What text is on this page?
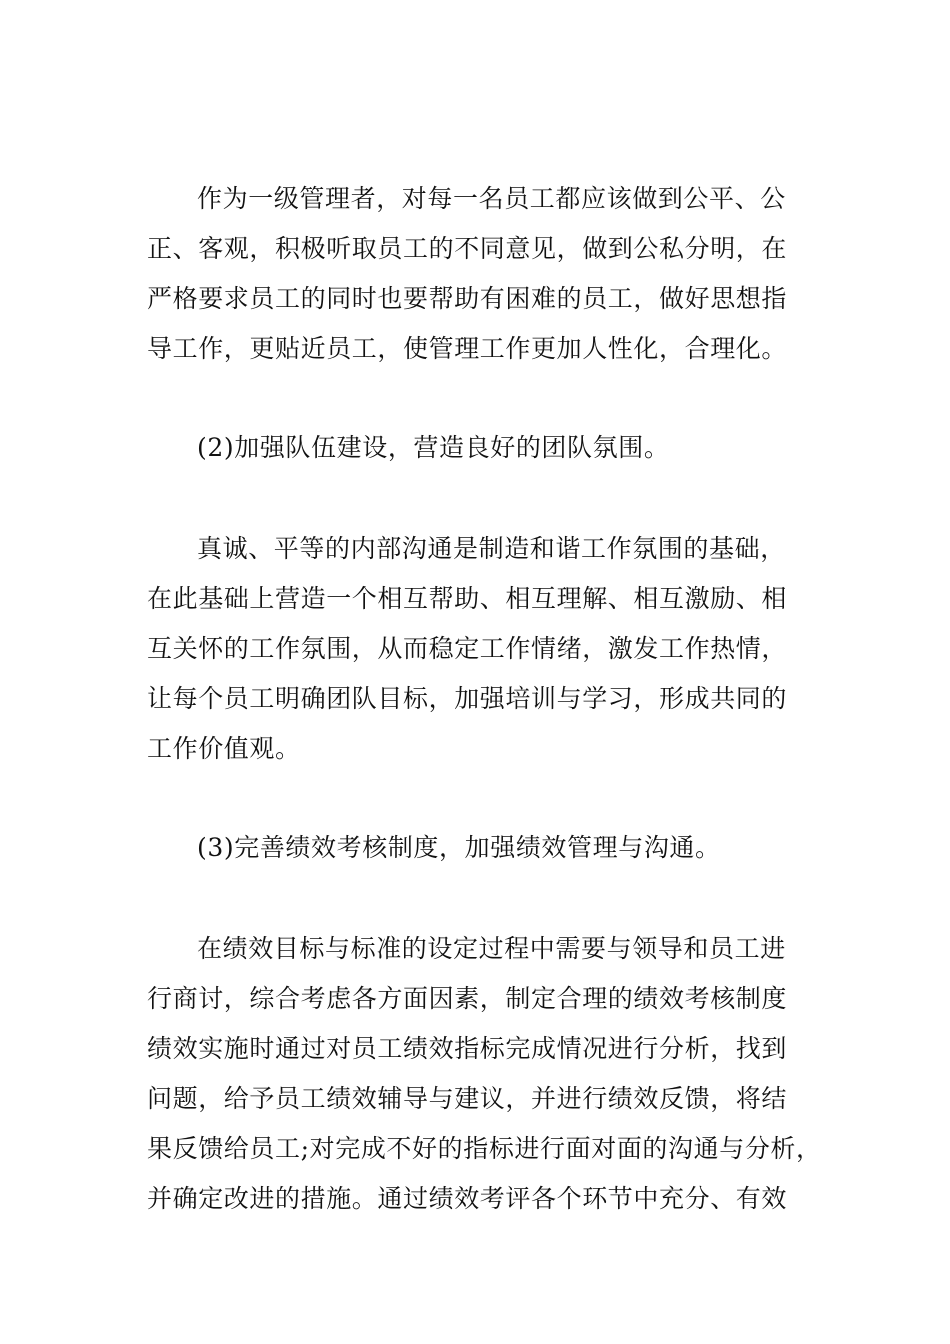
作为一级管理者，对每一名员工都应该做到公平、公
正、客观，积极听取员工的不同意见，做到公私分明，在
严格要求员工的同时也要帮助有困难的员工，做好思想指
导工作，更贴近员工，使管理工作更加人性化，合理化。
(2)加强队伍建设，营造良好的团队氛围。
真诚、平等的内部沟通是制造和谐工作氛围的基础，
在此基础上营造一个相互帮助、相互理解、相互激励、相
互关怀的工作氛围，从而稳定工作情绪，激发工作热情，
让每个员工明确团队目标，加强培训与学习，形成共同的
工作价值观。
(3)完善绩效考核制度，加强绩效管理与沟通。
在绩效目标与标准的设定过程中需要与领导和员工进
行商讨，综合考虑各方面因素，制定合理的绩效考核制度
绩效实施时通过对员工绩效指标完成情况进行分析，找到
问题，给予员工绩效辅导与建议，并进行绩效反馈，将结
果反馈给员工;对完成不好的指标进行面对面的沟通与分析，
并确定改进的措施。通过绩效考评各个环节中充分、有效
